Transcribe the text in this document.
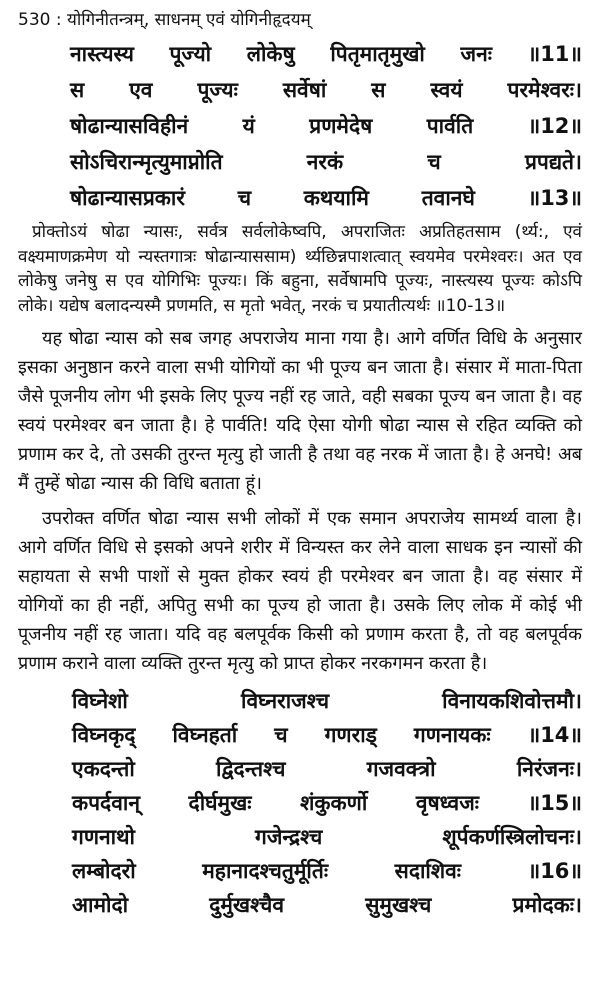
530 : योगिनीतन्त्रम्, साधनम् एवं योगिनीहृदयम्
नास्त्यस्य पूज्यो लोकेषु पितृमातृमुखो जनः ॥11॥
स एव पूज्यः सर्वेषां स स्वयं परमेश्वरः।
षोढान्यासविहीनं यं प्रणमेदेष पार्वति ॥12॥
सोऽचिरान्मृत्युमाप्नोति नरकं च प्रपद्यते।
षोढान्यासप्रकारं च कथयामि तवानघे ॥13॥

प्रोक्तोऽयं षोढा न्यासः, सर्वत्र सर्वलोकेष्वपि, अपराजितः अप्रतिहतसाम (र्थ्य:, एवं वक्ष्यमाणक्रमेण यो न्यस्तगात्रः षोढान्याससाम) र्थ्यछिन्नपाशत्वात् स्वयमेव परमेश्वरः। अत एव लोकेषु जनेषु स एव योगिभिः पूज्यः। किं बहुना, सर्वेषामपि पूज्यः, नास्त्यस्य पूज्यः कोऽपि लोके। यद्येष बलादन्यस्मै प्रणमति, स मृतो भवेत्, नरकं च प्रयातीत्यर्थः ॥10-13॥

यह षोढा न्यास को सब जगह अपराजेय माना गया है। आगे वर्णित विधि के अनुसार इसका अनुष्ठान करने वाला सभी योगियों का भी पूज्य बन जाता है। संसार में माता-पिता जैसे पूजनीय लोग भी इसके लिए पूज्य नहीं रह जाते, वही सबका पूज्य बन जाता है। वह स्वयं परमेश्वर बन जाता है। हे पार्वति! यदि ऐसा योगी षोढा न्यास से रहित व्यक्ति को प्रणाम कर दे, तो उसकी तुरन्त मृत्यु हो जाती है तथा वह नरक में जाता है। हे अनघे! अब मैं तुम्हें षोढा न्यास की विधि बताता हूं।

उपरोक्त वर्णित षोढा न्यास सभी लोकों में एक समान अपराजेय सामर्थ्य वाला है। आगे वर्णित विधि से इसको अपने शरीर में विन्यस्त कर लेने वाला साधक इन न्यासों की सहायता से सभी पाशों से मुक्त होकर स्वयं ही परमेश्वर बन जाता है। वह संसार में योगियों का ही नहीं, अपितु सभी का पूज्य हो जाता है। उसके लिए लोक में कोई भी पूजनीय नहीं रह जाता। यदि वह बलपूर्वक किसी को प्रणाम करता है, तो वह बलपूर्वक प्रणाम कराने वाला व्यक्ति तुरन्त मृत्यु को प्राप्त होकर नरकगमन करता है।

विघ्नेशो विघ्नराजश्च विनायकशिवोत्तमौ।
विघ्नकृद् विघ्नहर्ता च गणराड् गणनायकः ॥14॥
एकदन्तो द्विदन्तश्च गजवक्त्रो निरंजनः।
कपर्दवान् दीर्घमुखः शंकुकर्णो वृषध्वजः ॥15॥
गणनाथो गजेन्द्रश्च शूर्पकर्णस्त्रिलोचनः।
लम्बोदरो महानादश्चतुर्मूर्तिः सदाशिवः ॥16॥
आमोदो दुर्मुखश्चैव सुमुखश्च प्रमोदकः।
